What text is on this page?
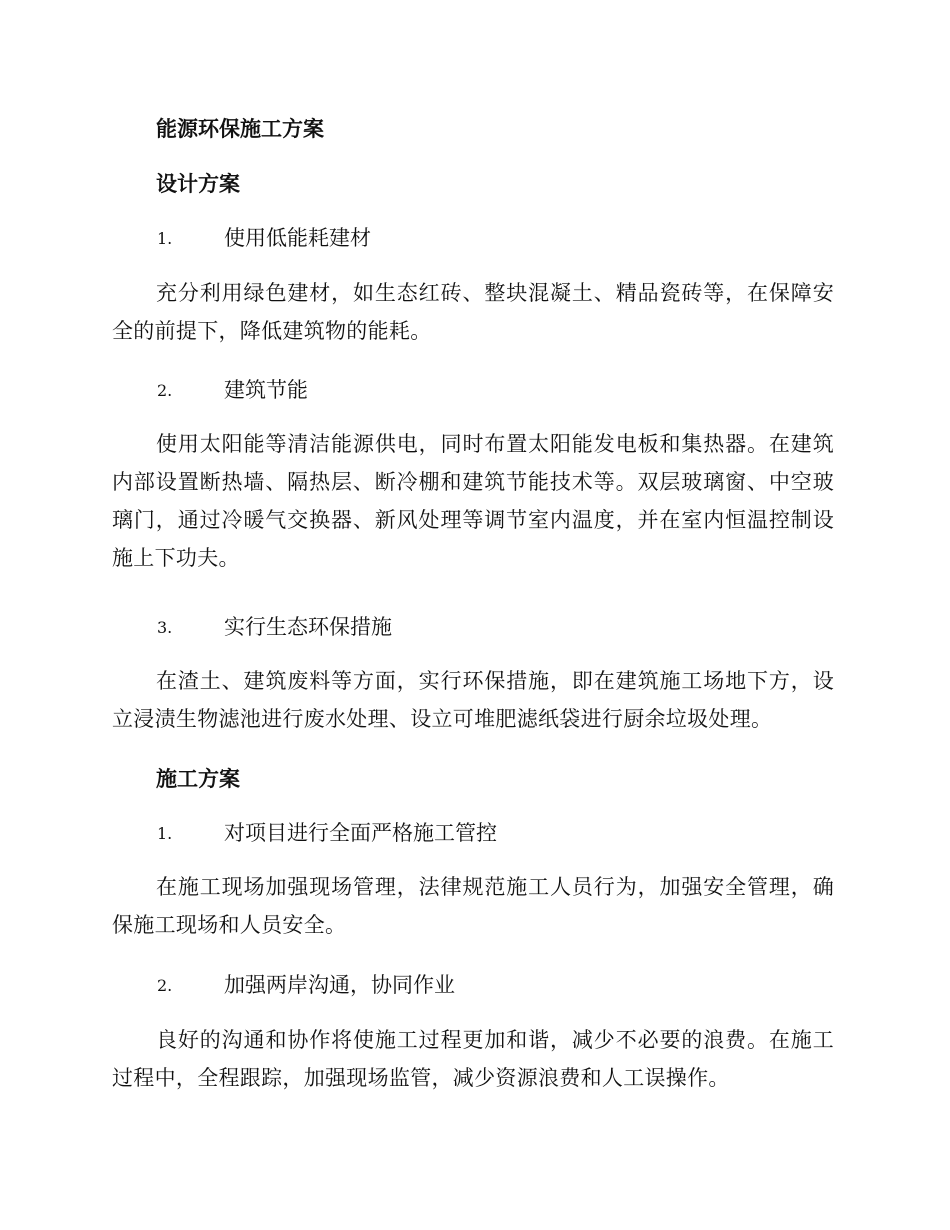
能源环保施工方案
设计方案
1. 使用低能耗建材
充分利用绿色建材，如生态红砖、整块混凝土、精品瓷砖等，在保障安全的前提下，降低建筑物的能耗。
2. 建筑节能
使用太阳能等清洁能源供电，同时布置太阳能发电板和集热器。在建筑内部设置断热墙、隔热层、断冷棚和建筑节能技术等。双层玻璃窗、中空玻璃门，通过冷暖气交换器、新风处理等调节室内温度，并在室内恒温控制设施上下功夫。
3. 实行生态环保措施
在渣土、建筑废料等方面，实行环保措施，即在建筑施工场地下方，设立浸渍生物滤池进行废水处理、设立可堆肥滤纸袋进行厨余垃圾处理。
施工方案
1. 对项目进行全面严格施工管控
在施工现场加强现场管理，法律规范施工人员行为，加强安全管理，确保施工现场和人员安全。
2. 加强两岸沟通，协同作业
良好的沟通和协作将使施工过程更加和谐，减少不必要的浪费。在施工过程中，全程跟踪，加强现场监管，减少资源浪费和人工误操作。
